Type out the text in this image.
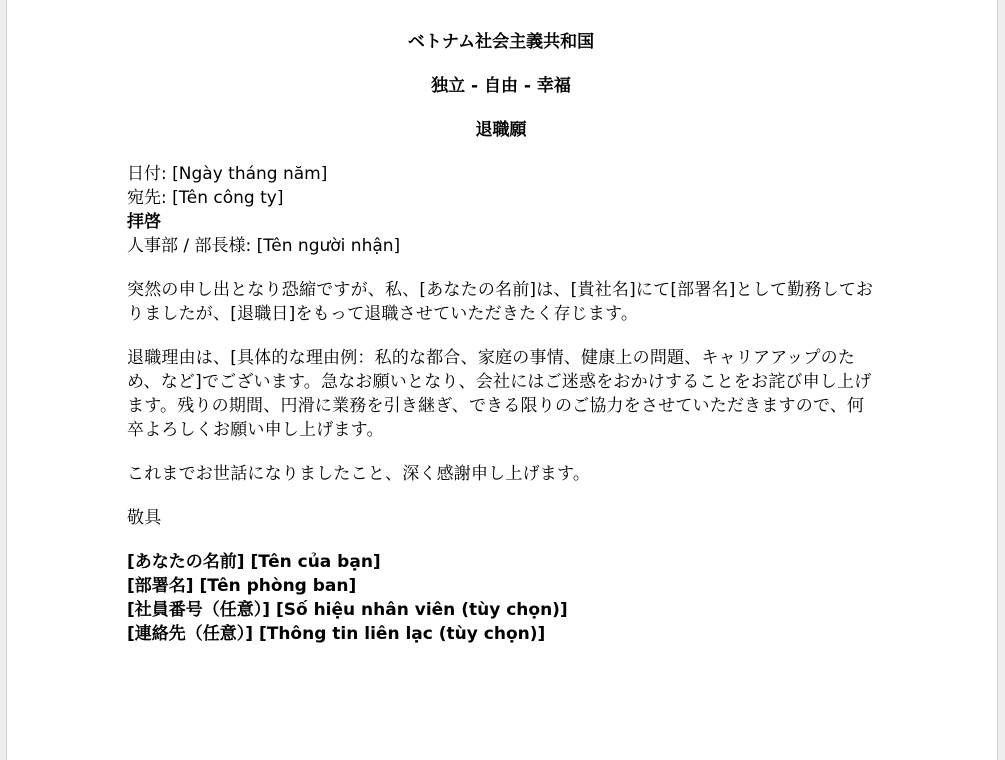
ベトナム社会主義共和国
独立 - 自由 - 幸福
退職願
日付: [Ngày tháng năm]
宛先: [Tên công ty]
拝啓
人事部 / 部長様: [Tên người nhận]

突然の申し出となり恐縮ですが、私、[あなたの名前]は、[貴社名]にて[部署名]として勤務しておりましたが、[退職日]をもって退職させていただきたく存じます。

退職理由は、[具体的な理由例：私的な都合、家庭の事情、健康上の問題、キャリアアップのため、など]でございます。急なお願いとなり、会社にはご迷惑をおかけすることをお詫び申し上げます。残りの期間、円滑に業務を引き継ぎ、できる限りのご協力をさせていただきますので、何卒よろしくお願い申し上げます。

これまでお世話になりましたこと、深く感謝申し上げます。

敬具

[あなたの名前] [Tên của bạn]
[部署名] [Tên phòng ban]
[社員番号（任意）] [Số hiệu nhân viên (tùy chọn)]
[連絡先（任意）] [Thông tin liên lạc (tùy chọn)]
